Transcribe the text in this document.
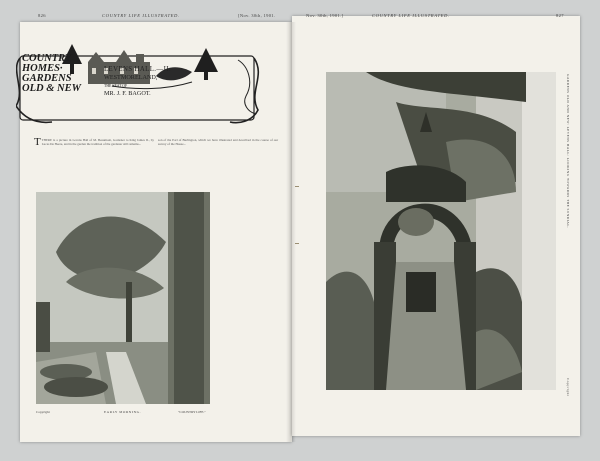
826	COUNTRY LIFE ILLUSTRATED.	[Nov. 30th, 1901.
COUNTRY
HOMES·
GARDENS
OLD & NEW
LEVENS HALL.—II.
WESTMORELAND,
THE SEAT OF
MR. J. F. BAGOT.

TTHERE is a picture in Levens Hall of M. Beaumont, Gardener to King James II., by Lucas De Heere, and in the garden the tradition of the gardener still remains...

son of the Earl of Burlington, which we have illustrated and described in the course of our survey of the House...

EARLY MORNING.
Copyright	"COUNTRY LIFE."
Nov. 30th, 1901.]	COUNTRY LIFE ILLUSTRATED.	827
GARDENS OLD AND NEW: LEVENS HALL: LOOKING TOWARDS THE SUNDIAL.
Copyright
